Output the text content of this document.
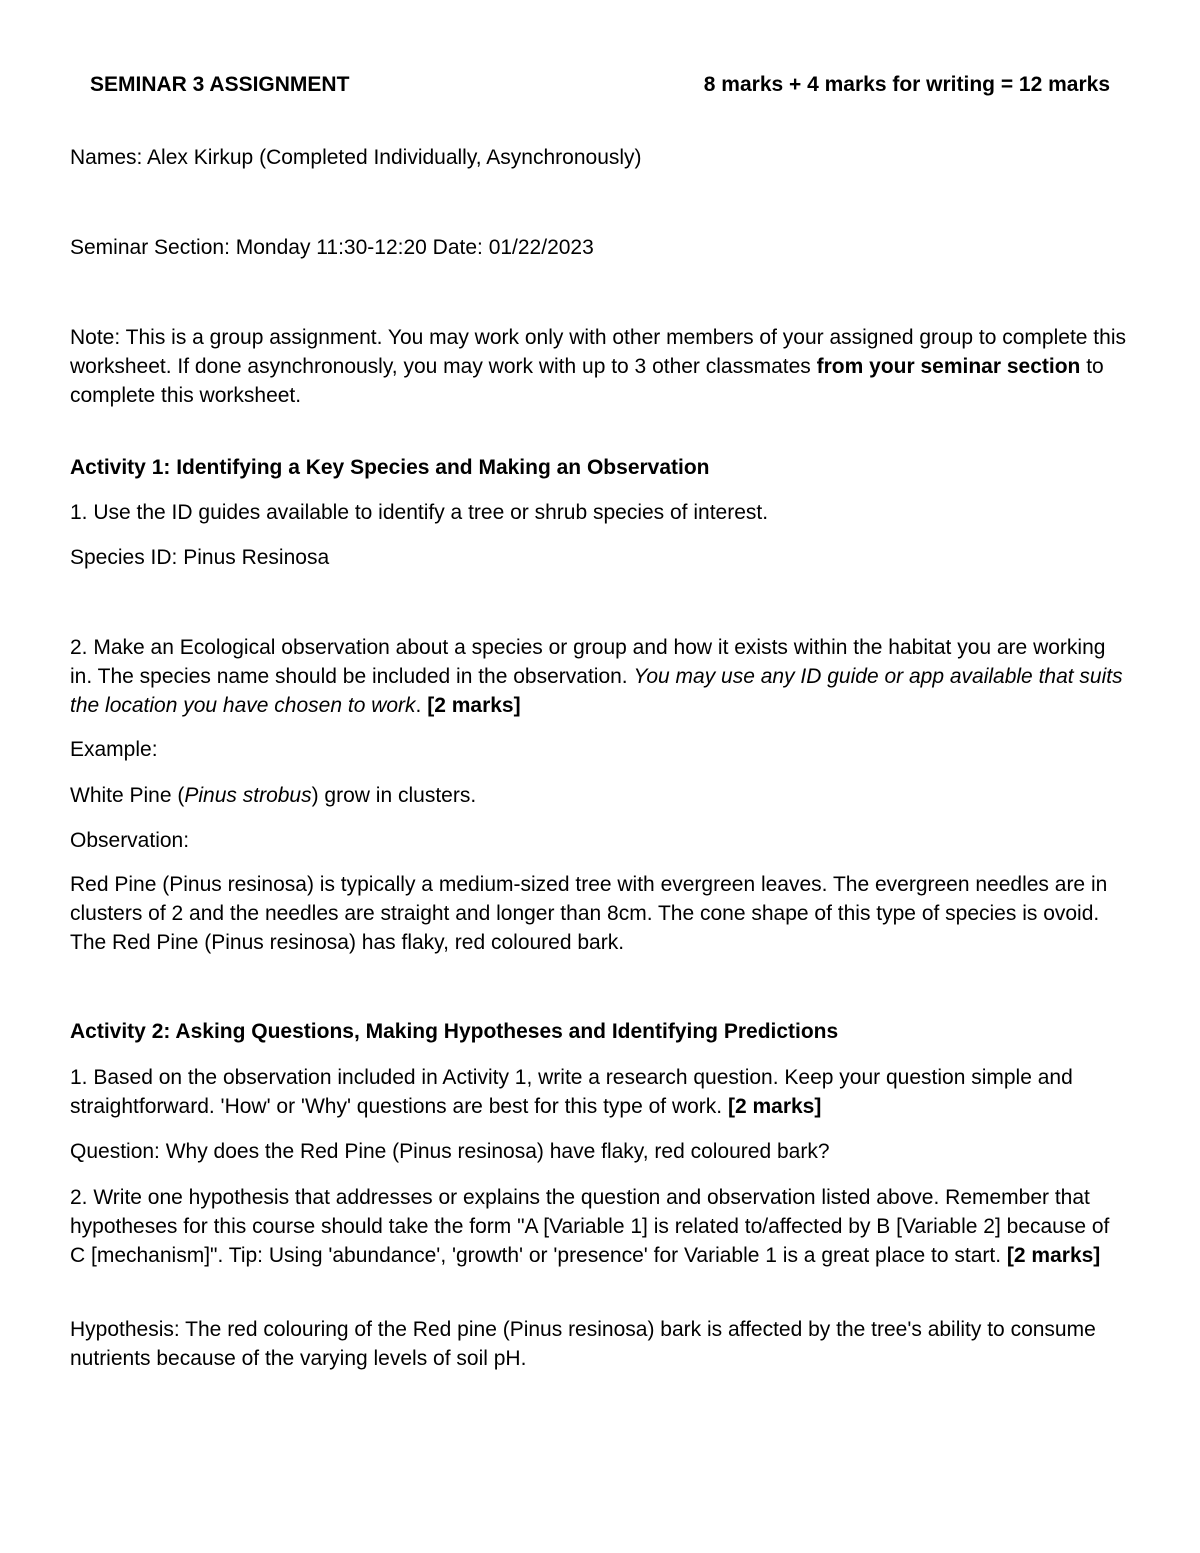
SEMINAR 3 ASSIGNMENT	8 marks + 4 marks for writing = 12 marks

Names: Alex Kirkup (Completed Individually, Asynchronously)

Seminar Section: Monday 11:30-12:20 Date: 01/22/2023

Note: This is a group assignment. You may work only with other members of your assigned group to complete this worksheet. If done asynchronously, you may work with up to 3 other classmates from your seminar section to complete this worksheet.

Activity 1: Identifying a Key Species and Making an Observation

1. Use the ID guides available to identify a tree or shrub species of interest.

Species ID: Pinus Resinosa

2. Make an Ecological observation about a species or group and how it exists within the habitat you are working in. The species name should be included in the observation. You may use any ID guide or app available that suits the location you have chosen to work. [2 marks]

Example:

White Pine (Pinus strobus) grow in clusters.

Observation:

Red Pine (Pinus resinosa) is typically a medium-sized tree with evergreen leaves. The evergreen needles are in clusters of 2 and the needles are straight and longer than 8cm. The cone shape of this type of species is ovoid. The Red Pine (Pinus resinosa) has flaky, red coloured bark.

Activity 2: Asking Questions, Making Hypotheses and Identifying Predictions

1. Based on the observation included in Activity 1, write a research question. Keep your question simple and straightforward. 'How' or 'Why' questions are best for this type of work. [2 marks]

Question: Why does the Red Pine (Pinus resinosa) have flaky, red coloured bark?

2. Write one hypothesis that addresses or explains the question and observation listed above. Remember that hypotheses for this course should take the form "A [Variable 1] is related to/affected by B [Variable 2] because of C [mechanism]". Tip: Using 'abundance', 'growth' or 'presence' for Variable 1 is a great place to start. [2 marks]

Hypothesis: The red colouring of the Red pine (Pinus resinosa) bark is affected by the tree's ability to consume nutrients because of the varying levels of soil pH.
